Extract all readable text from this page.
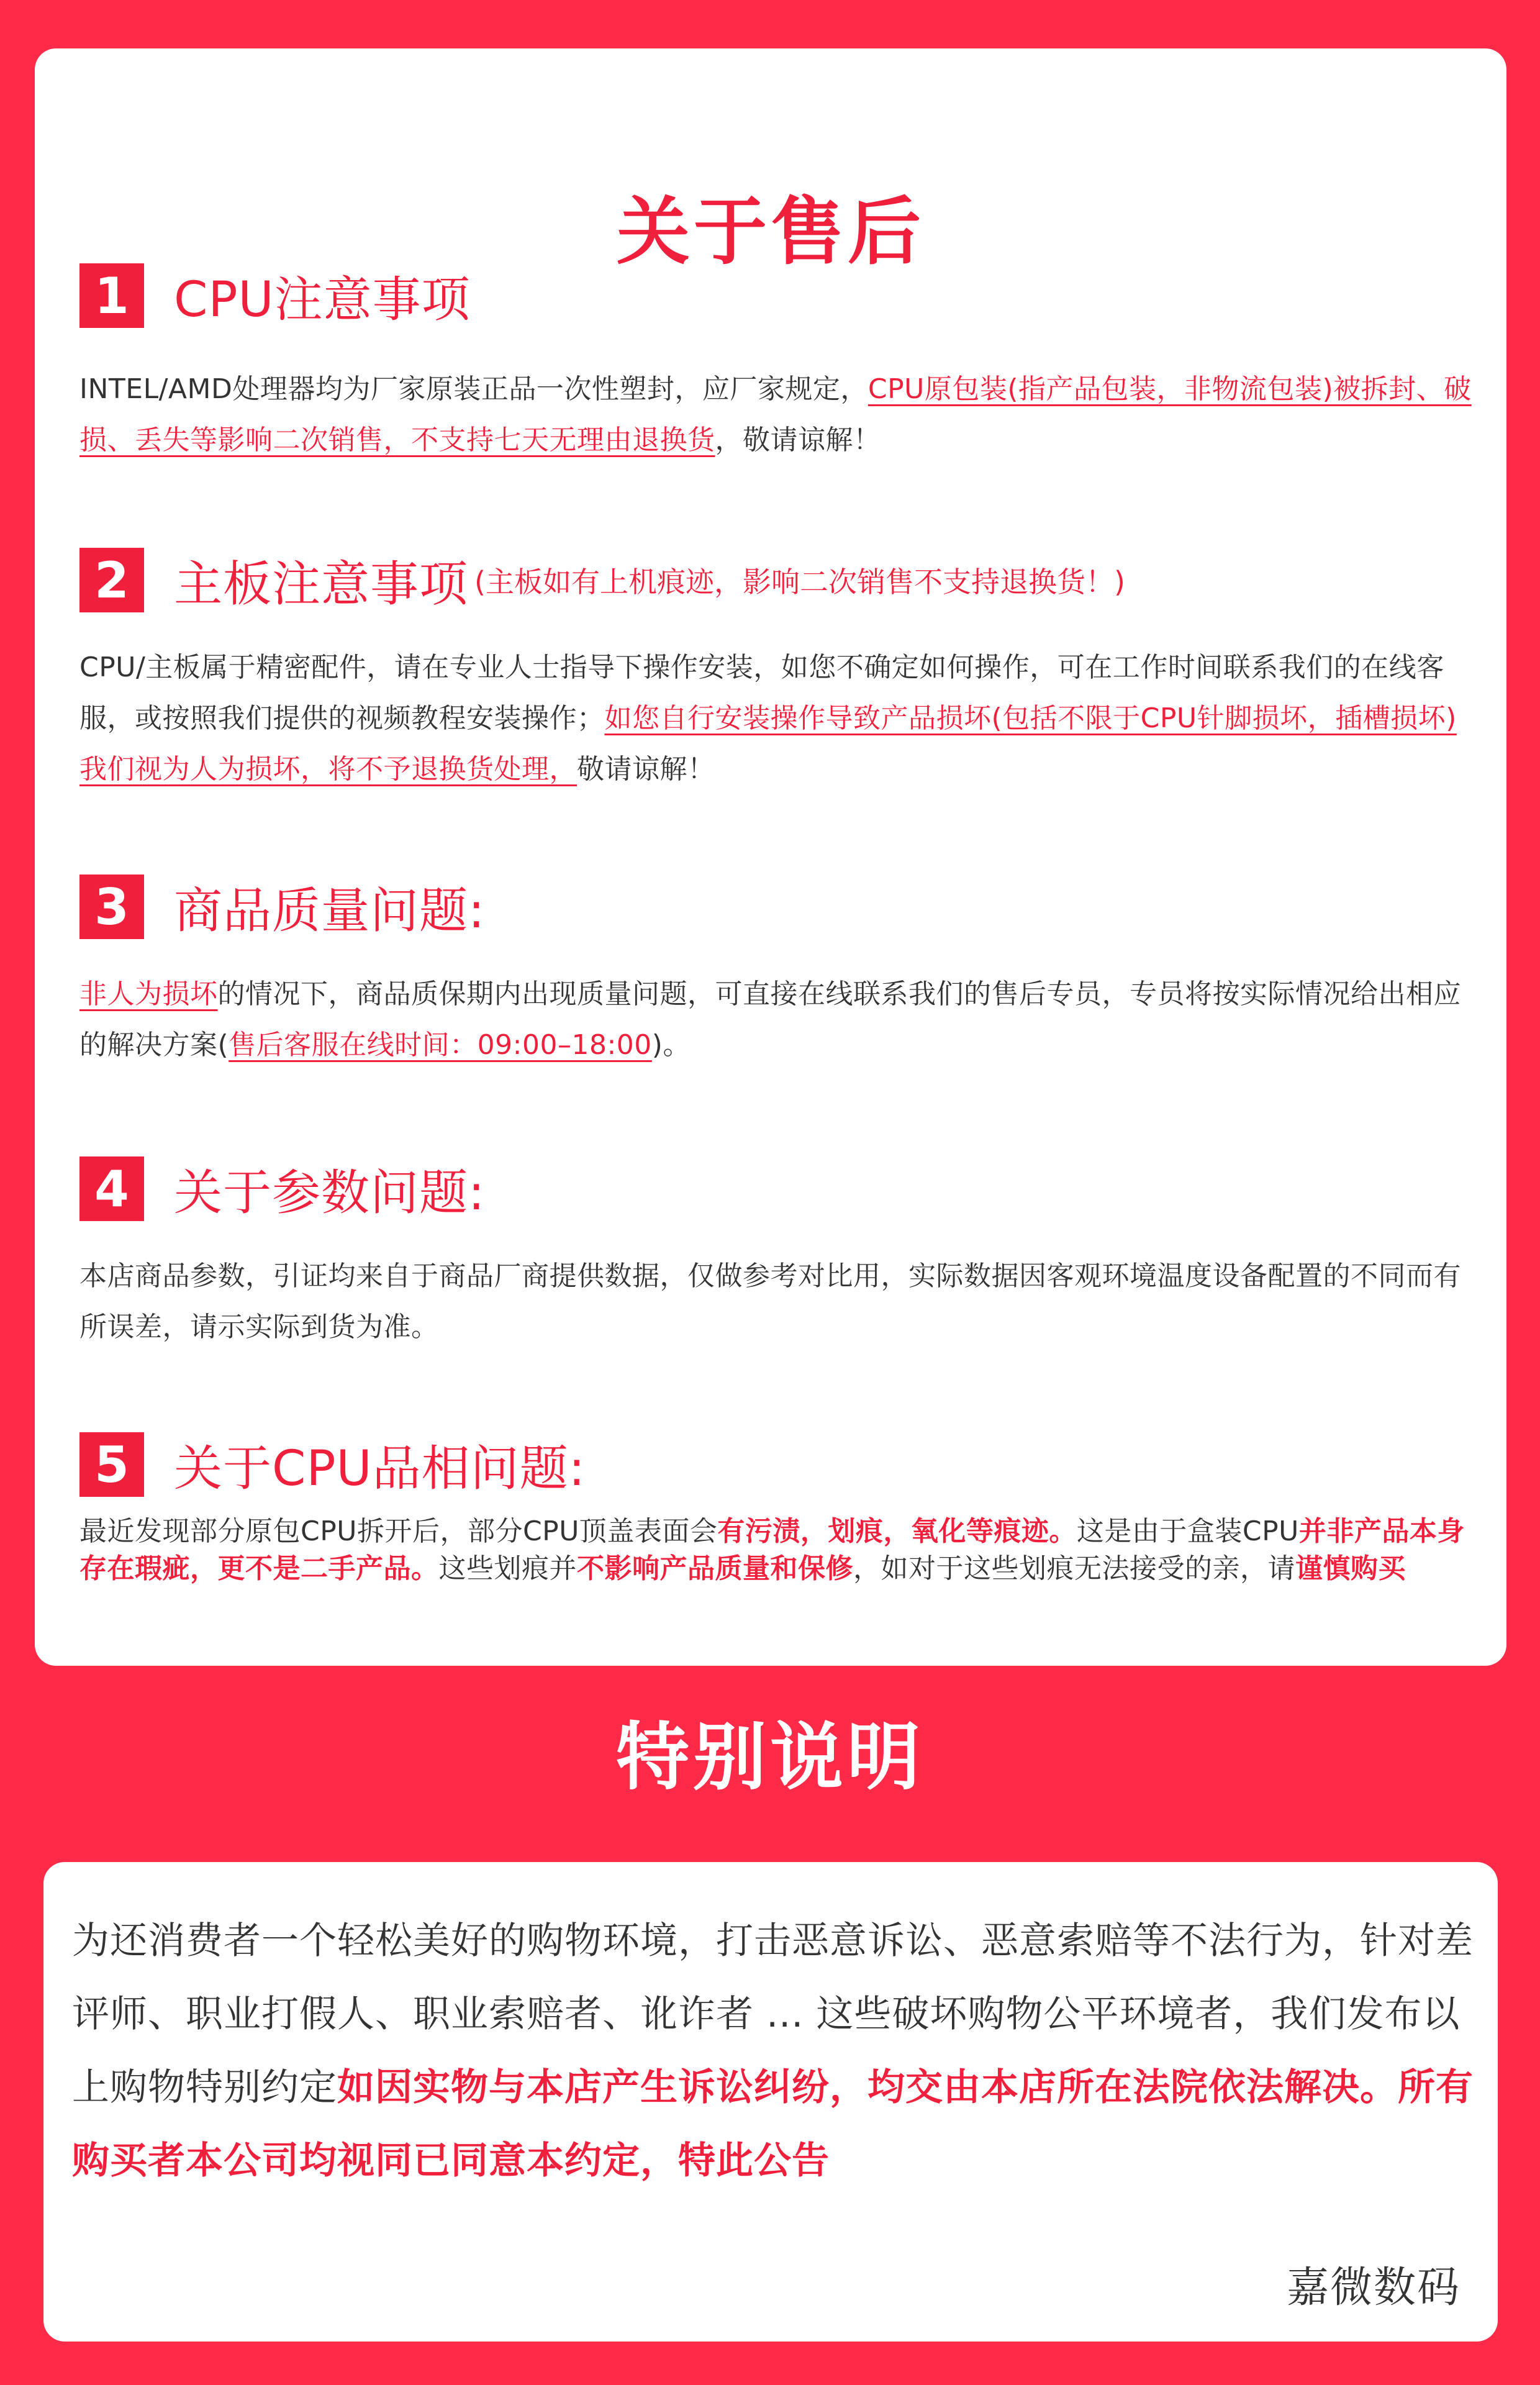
关于售后
1 CPU注意事项

INTEL/AMD处理器均为厂家原装正品一次性塑封，应厂家规定，CPU原包装(指产品包装，非物流包装)被拆封、破损、丢失等影响二次销售，不支持七天无理由退换货，敬请谅解！

2 主板注意事项 (主板如有上机痕迹，影响二次销售不支持退换货！)

CPU/主板属于精密配件，请在专业人士指导下操作安装，如您不确定如何操作，可在工作时间联系我们的在线客服，或按照我们提供的视频教程安装操作；如您自行安装操作导致产品损坏(包括不限于CPU针脚损坏，插槽损坏)我们视为人为损坏，将不予退换货处理，敬请谅解！

3 商品质量问题:

非人为损坏的情况下，商品质保期内出现质量问题，可直接在线联系我们的售后专员，专员将按实际情况给出相应的解决方案(售后客服在线时间：09:00–18:00)。

4 关于参数问题:

本店商品参数，引证均来自于商品厂商提供数据，仅做参考对比用，实际数据因客观环境温度设备配置的不同而有所误差，请示实际到货为准。

5 关于CPU品相问题:

最近发现部分原包CPU拆开后，部分CPU顶盖表面会有污渍，划痕，氧化等痕迹。这是由于盒装CPU并非产品本身存在瑕疵，更不是二手产品。这些划痕并不影响产品质量和保修，如对于这些划痕无法接受的亲，请谨慎购买

特别说明

为还消费者一个轻松美好的购物环境，打击恶意诉讼、恶意索赔等不法行为，针对差评师、职业打假人、职业索赔者、讹诈者 ... 这些破坏购物公平环境者，我们发布以上购物特别约定如因实物与本店产生诉讼纠纷，均交由本店所在法院依法解决。所有购买者本公司均视同已同意本约定，特此公告

嘉微数码
